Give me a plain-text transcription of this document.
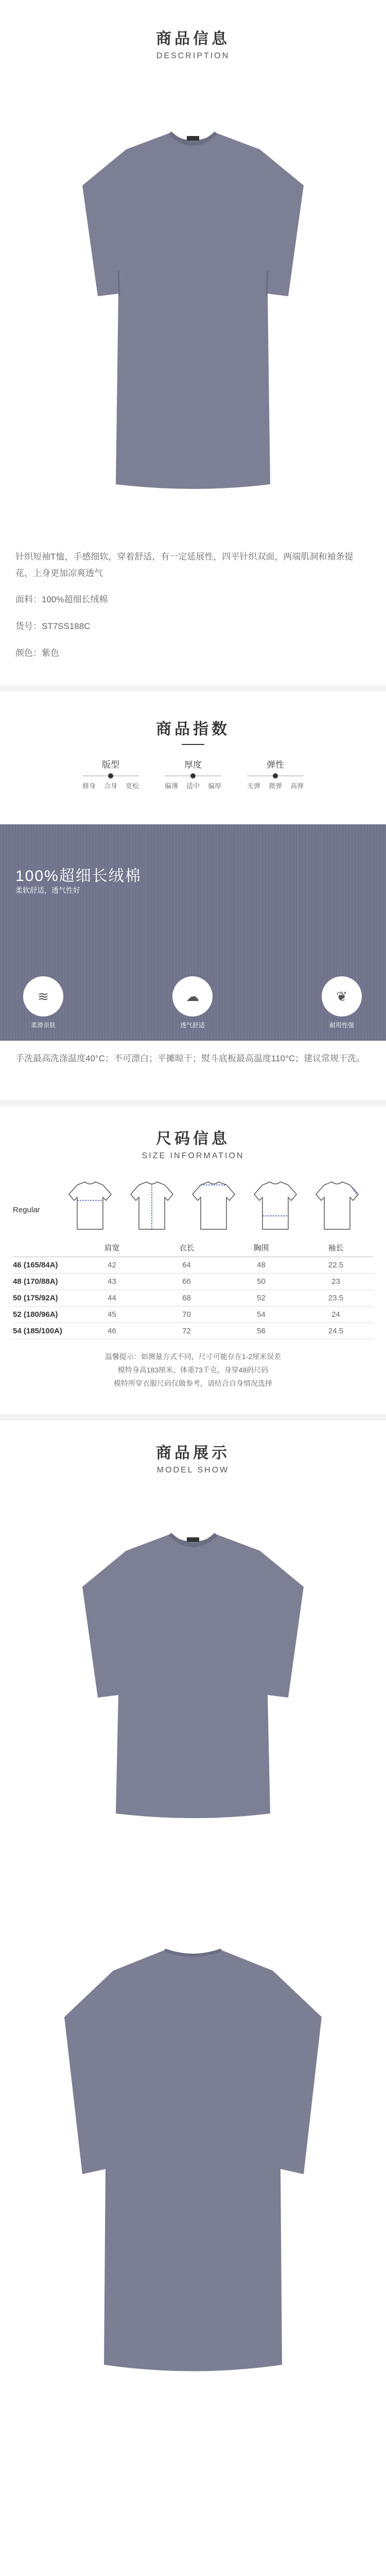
商品信息
DESCRIPTION
针织短袖T恤，手感细软，穿着舒适，有一定延展性，四平针织双面，两端肌洞和袖条提花，上身更加凉爽透气
面料：100%超细长绒棉
货号：ST7SS188C
颜色：紫色
商品指数
版型
修身 合身 宽松
厚度
偏薄 适中 偏厚
弹性
无弹 微弹 高弹
100%超细长绒棉
柔软舒适，透气性好
≋
柔滑亲肤
☁
透气舒适
❦
耐用性强
手洗最高洗涤温度40°C；不可漂白；平摊晾干；熨斗底板最高温度110°C；建议常规干洗。
尺码信息
SIZE INFORMATION
Regular
	肩宽	衣长	胸围	袖长	
46 (165/84A)	42	64	48	22.5	
48 (170/88A)	43	66	50	23	
50 (175/92A)	44	68	52	23.5	
52 (180/96A)	45	70	54	24	
54 (185/100A)	46	72	56	24.5	
温馨提示：如测量方式不同，尺寸可能存在1-2厘米误差
模特身高183厘米，体重73千克，身穿48码尺码
模特所穿衣服尺码仅做参考，请结合自身情况选择
商品展示
MODEL SHOW
